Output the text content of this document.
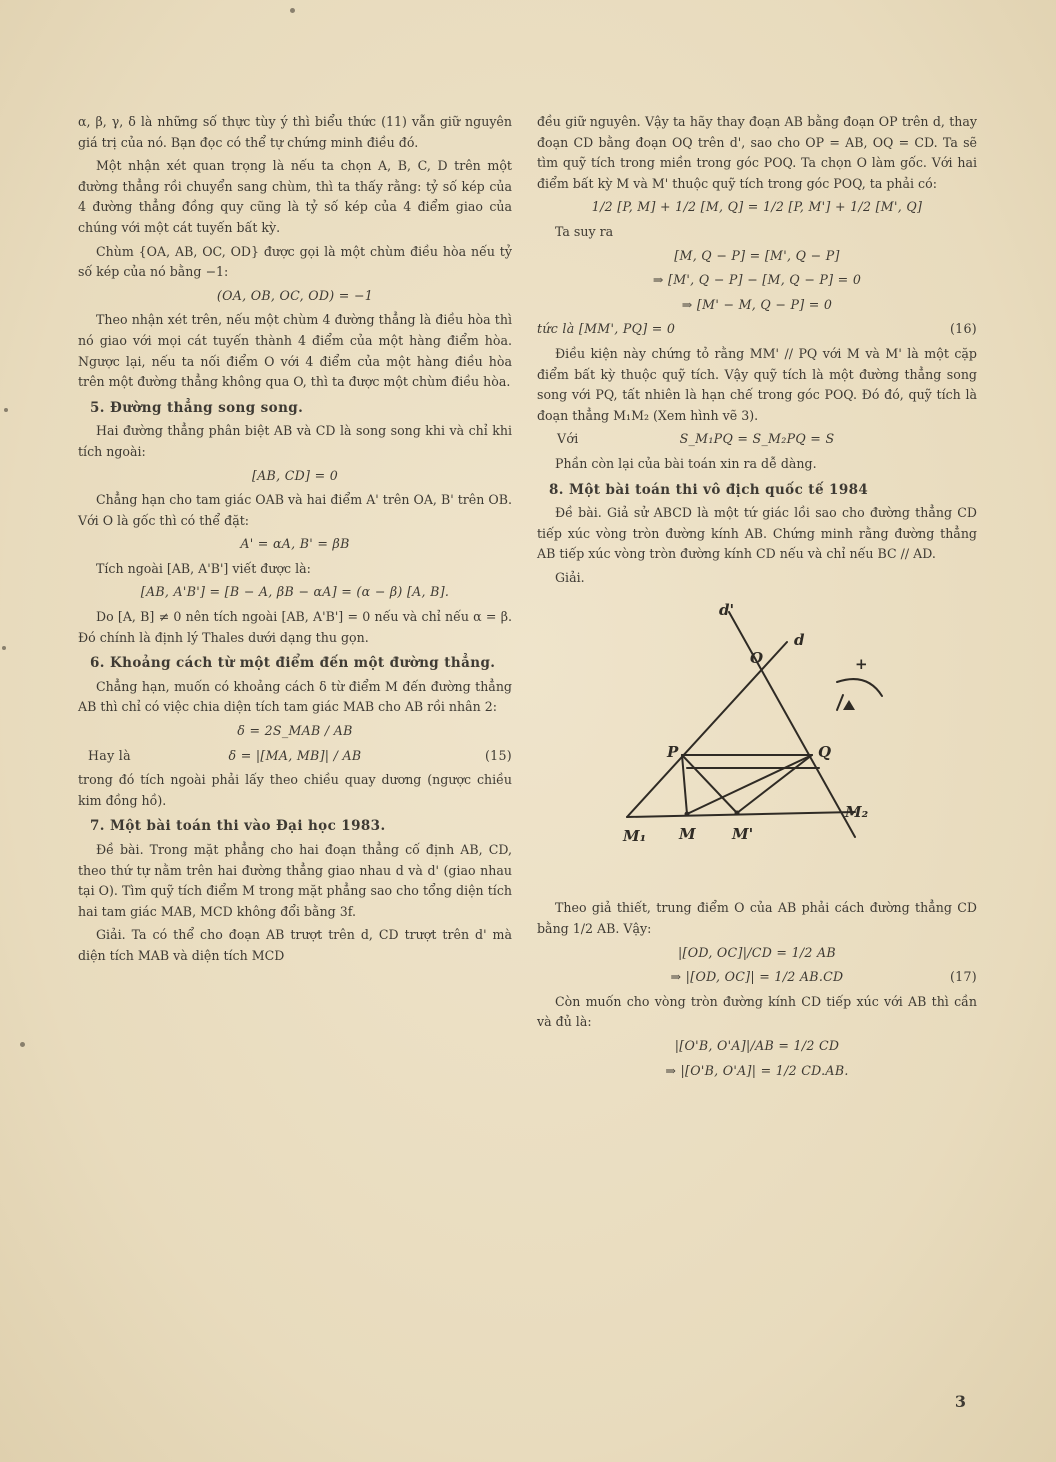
α, β, γ, δ là những số thực tùy ý thì biểu thức (11) vẫn giữ nguyên giá trị của nó. Bạn đọc có thể tự chứng minh điều đó.

Một nhận xét quan trọng là nếu ta chọn A, B, C, D trên một đường thẳng rồi chuyển sang chùm, thì ta thấy rằng: tỷ số kép của 4 đường thẳng đồng quy cũng là tỷ số kép của 4 điểm giao của chúng với một cát tuyến bất kỳ.

Chùm {OA, AB, OC, OD} được gọi là một chùm điều hòa nếu tỷ số kép của nó bằng −1:

(OA, OB, OC, OD) = −1

Theo nhận xét trên, nếu một chùm 4 đường thẳng là điều hòa thì nó giao với mọi cát tuyến thành 4 điểm của một hàng điểm hòa. Ngược lại, nếu ta nối điểm O với 4 điểm của một hàng điều hòa trên một đường thẳng không qua O, thì ta được một chùm điều hòa.

5. Đường thẳng song song.

Hai đường thẳng phân biệt AB và CD là song song khi và chỉ khi tích ngoài:

[AB, CD] = 0

Chẳng hạn cho tam giác OAB và hai điểm A' trên OA, B' trên OB. Với O là gốc thì có thể đặt:

A' = αA, B' = βB

Tích ngoài [AB, A'B'] viết được là:

[AB, A'B'] = [B − A, βB − αA] = (α − β) [A, B].

Do [A, B] ≠ 0 nên tích ngoài [AB, A'B'] = 0 nếu và chỉ nếu α = β. Đó chính là định lý Thales dưới dạng thu gọn.

6. Khoảng cách từ một điểm đến một đường thẳng.

Chẳng hạn, muốn có khoảng cách δ từ điểm M đến đường thẳng AB thì chỉ có việc chia diện tích tam giác MAB cho AB rồi nhân 2:

δ = 2S_MAB / AB
Hay là	δ = |[MA, MB]| / AB	(15)

trong đó tích ngoài phải lấy theo chiều quay dương (ngược chiều kim đồng hồ).

7. Một bài toán thi vào Đại học 1983.

Đề bài. Trong mặt phẳng cho hai đoạn thẳng cố định AB, CD, theo thứ tự nằm trên hai đường thẳng giao nhau d và d' (giao nhau tại O). Tìm quỹ tích điểm M trong mặt phẳng sao cho tổng diện tích hai tam giác MAB, MCD không đổi bằng 3f.

Giải. Ta có thể cho đoạn AB trượt trên d, CD trượt trên d' mà diện tích MAB và diện tích MCD

đều giữ nguyên. Vậy ta hãy thay đoạn AB bằng đoạn OP trên d, thay đoạn CD bằng đoạn OQ trên d', sao cho OP = AB, OQ = CD. Ta sẽ tìm quỹ tích trong miền trong góc POQ. Ta chọn O làm gốc. Với hai điểm bất kỳ M và M' thuộc quỹ tích trong góc POQ, ta phải có:

1/2 [P, M] + 1/2 [M, Q] = 1/2 [P, M'] + 1/2 [M', Q]

Ta suy ra

[M, Q − P] = [M', Q − P]
⇒ [M', Q − P] − [M, Q − P] = 0
⇒ [M' − M, Q − P] = 0
tức là [MM', PQ] = 0	(16)

Điều kiện này chứng tỏ rằng MM' // PQ với M và M' là một cặp điểm bất kỳ thuộc quỹ tích. Vậy quỹ tích là một đường thẳng song song với PQ, tất nhiên là hạn chế trong góc POQ. Đó đó, quỹ tích là đoạn thẳng M₁M₂ (Xem hình vẽ 3).

Với	S_M₁PQ = S_M₂PQ = S

Phần còn lại của bài toán xin ra dễ dàng.

8. Một bài toán thi vô địch quốc tế 1984

Đề bài. Giả sử ABCD là một tứ giác lồi sao cho đường thẳng CD tiếp xúc vòng tròn đường kính AB. Chứng minh rằng đường thẳng AB tiếp xúc vòng tròn đường kính CD nếu và chỉ nếu BC // AD.

Giải.

d'
d
O
P	Q
M₁ M M'
M₂
+

Theo giả thiết, trung điểm O của AB phải cách đường thẳng CD bằng 1/2 AB. Vậy:

|[OD, OC]|/CD = 1/2 AB
⇒ |[OD, OC]| = 1/2 AB.CD	(17)

Còn muốn cho vòng tròn đường kính CD tiếp xúc với AB thì cần và đủ là:

|[O'B, O'A]|/AB = 1/2 CD
⇒ |[O'B, O'A]| = 1/2 CD.AB.
3
